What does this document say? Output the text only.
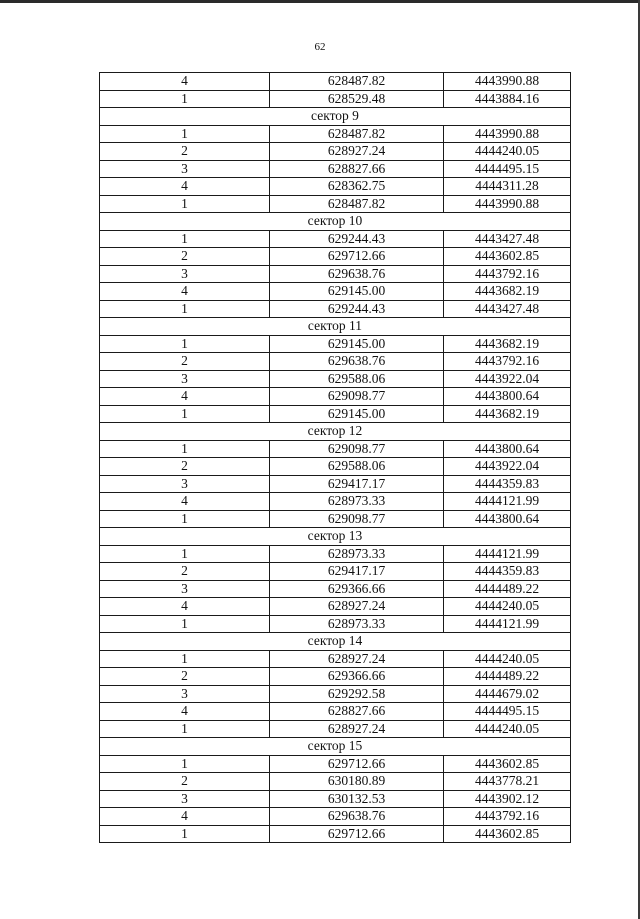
62
4	628487.82	4443990.88
1	628529.48	4443884.16
сектор 9		
1	628487.82	4443990.88
2	628927.24	4444240.05
3	628827.66	4444495.15
4	628362.75	4444311.28
1	628487.82	4443990.88
сектор 10		
1	629244.43	4443427.48
2	629712.66	4443602.85
3	629638.76	4443792.16
4	629145.00	4443682.19
1	629244.43	4443427.48
сектор 11		
1	629145.00	4443682.19
2	629638.76	4443792.16
3	629588.06	4443922.04
4	629098.77	4443800.64
1	629145.00	4443682.19
сектор 12		
1	629098.77	4443800.64
2	629588.06	4443922.04
3	629417.17	4444359.83
4	628973.33	4444121.99
1	629098.77	4443800.64
сектор 13		
1	628973.33	4444121.99
2	629417.17	4444359.83
3	629366.66	4444489.22
4	628927.24	4444240.05
1	628973.33	4444121.99
сектор 14		
1	628927.24	4444240.05
2	629366.66	4444489.22
3	629292.58	4444679.02
4	628827.66	4444495.15
1	628927.24	4444240.05
сектор 15		
1	629712.66	4443602.85
2	630180.89	4443778.21
3	630132.53	4443902.12
4	629638.76	4443792.16
1	629712.66	4443602.85
